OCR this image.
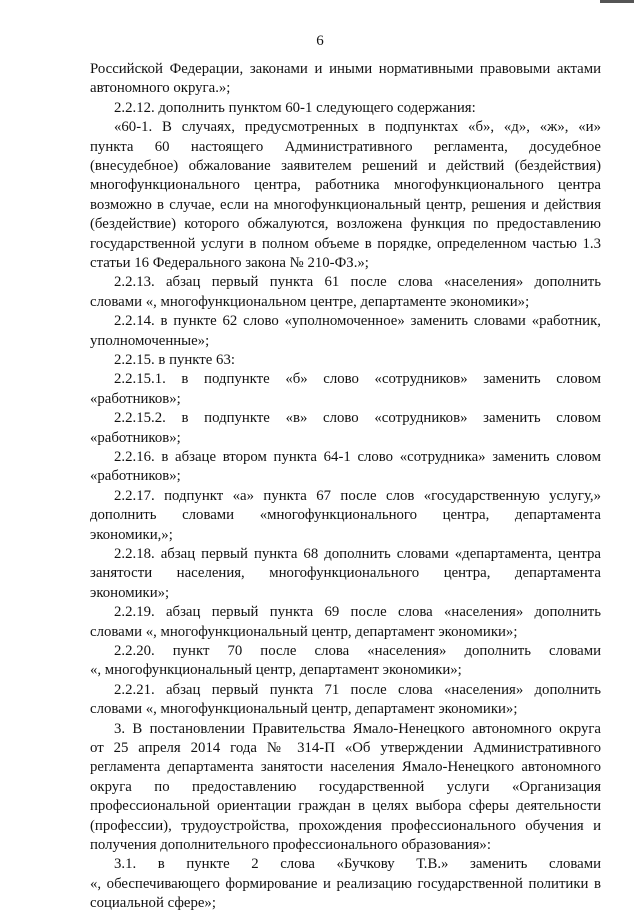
6
Российской Федерации, законами и иными нормативными правовыми актами
автономного округа.»;
2.2.12. дополнить пунктом 60-1 следующего содержания:
«60-1. В случаях, предусмотренных в подпунктах «б», «д», «ж», «и»
пункта 60 настоящего Административного регламента, досудебное
(внесудебное) обжалование заявителем решений и действий (бездействия)
многофункционального центра, работника многофункционального центра
возможно в случае, если на многофункциональный центр, решения и действия
(бездействие) которого обжалуются, возложена функция по предоставлению
государственной услуги в полном объеме в порядке, определенном частью 1.3
статьи 16 Федерального закона № 210-ФЗ.»;
2.2.13. абзац первый пункта 61 после слова «населения» дополнить
словами «, многофункциональном центре, департаменте экономики»;
2.2.14. в пункте 62 слово «уполномоченное» заменить словами «работник,
уполномоченные»;
2.2.15. в пункте 63:
2.2.15.1. в подпункте «б» слово «сотрудников» заменить словом
«работников»;
2.2.15.2. в подпункте «в» слово «сотрудников» заменить словом
«работников»;
2.2.16. в абзаце втором пункта 64-1 слово «сотрудника» заменить словом
«работников»;
2.2.17. подпункт «а» пункта 67 после слов «государственную услугу,»
дополнить словами «многофункционального центра, департамента
экономики,»;
2.2.18. абзац первый пункта 68 дополнить словами «департамента, центра
занятости населения, многофункционального центра, департамента
экономики»;
2.2.19. абзац первый пункта 69 после слова «населения» дополнить
словами «, многофункциональный центр, департамент экономики»;
2.2.20. пункт 70 после слова «населения» дополнить словами
«, многофункциональный центр, департамент экономики»;
2.2.21. абзац первый пункта 71 после слова «населения» дополнить
словами «, многофункциональный центр, департамент экономики»;
3. В постановлении Правительства Ямало-Ненецкого автономного округа
от 25 апреля 2014 года № 314-П «Об утверждении Административного
регламента департамента занятости населения Ямало-Ненецкого автономного
округа по предоставлению государственной услуги «Организация
профессиональной ориентации граждан в целях выбора сферы деятельности
(профессии), трудоустройства, прохождения профессионального обучения и
получения дополнительного профессионального образования»:
3.1. в пункте 2 слова «Бучкову Т.В.» заменить словами
«, обеспечивающего формирование и реализацию государственной политики в
социальной сфере»;
